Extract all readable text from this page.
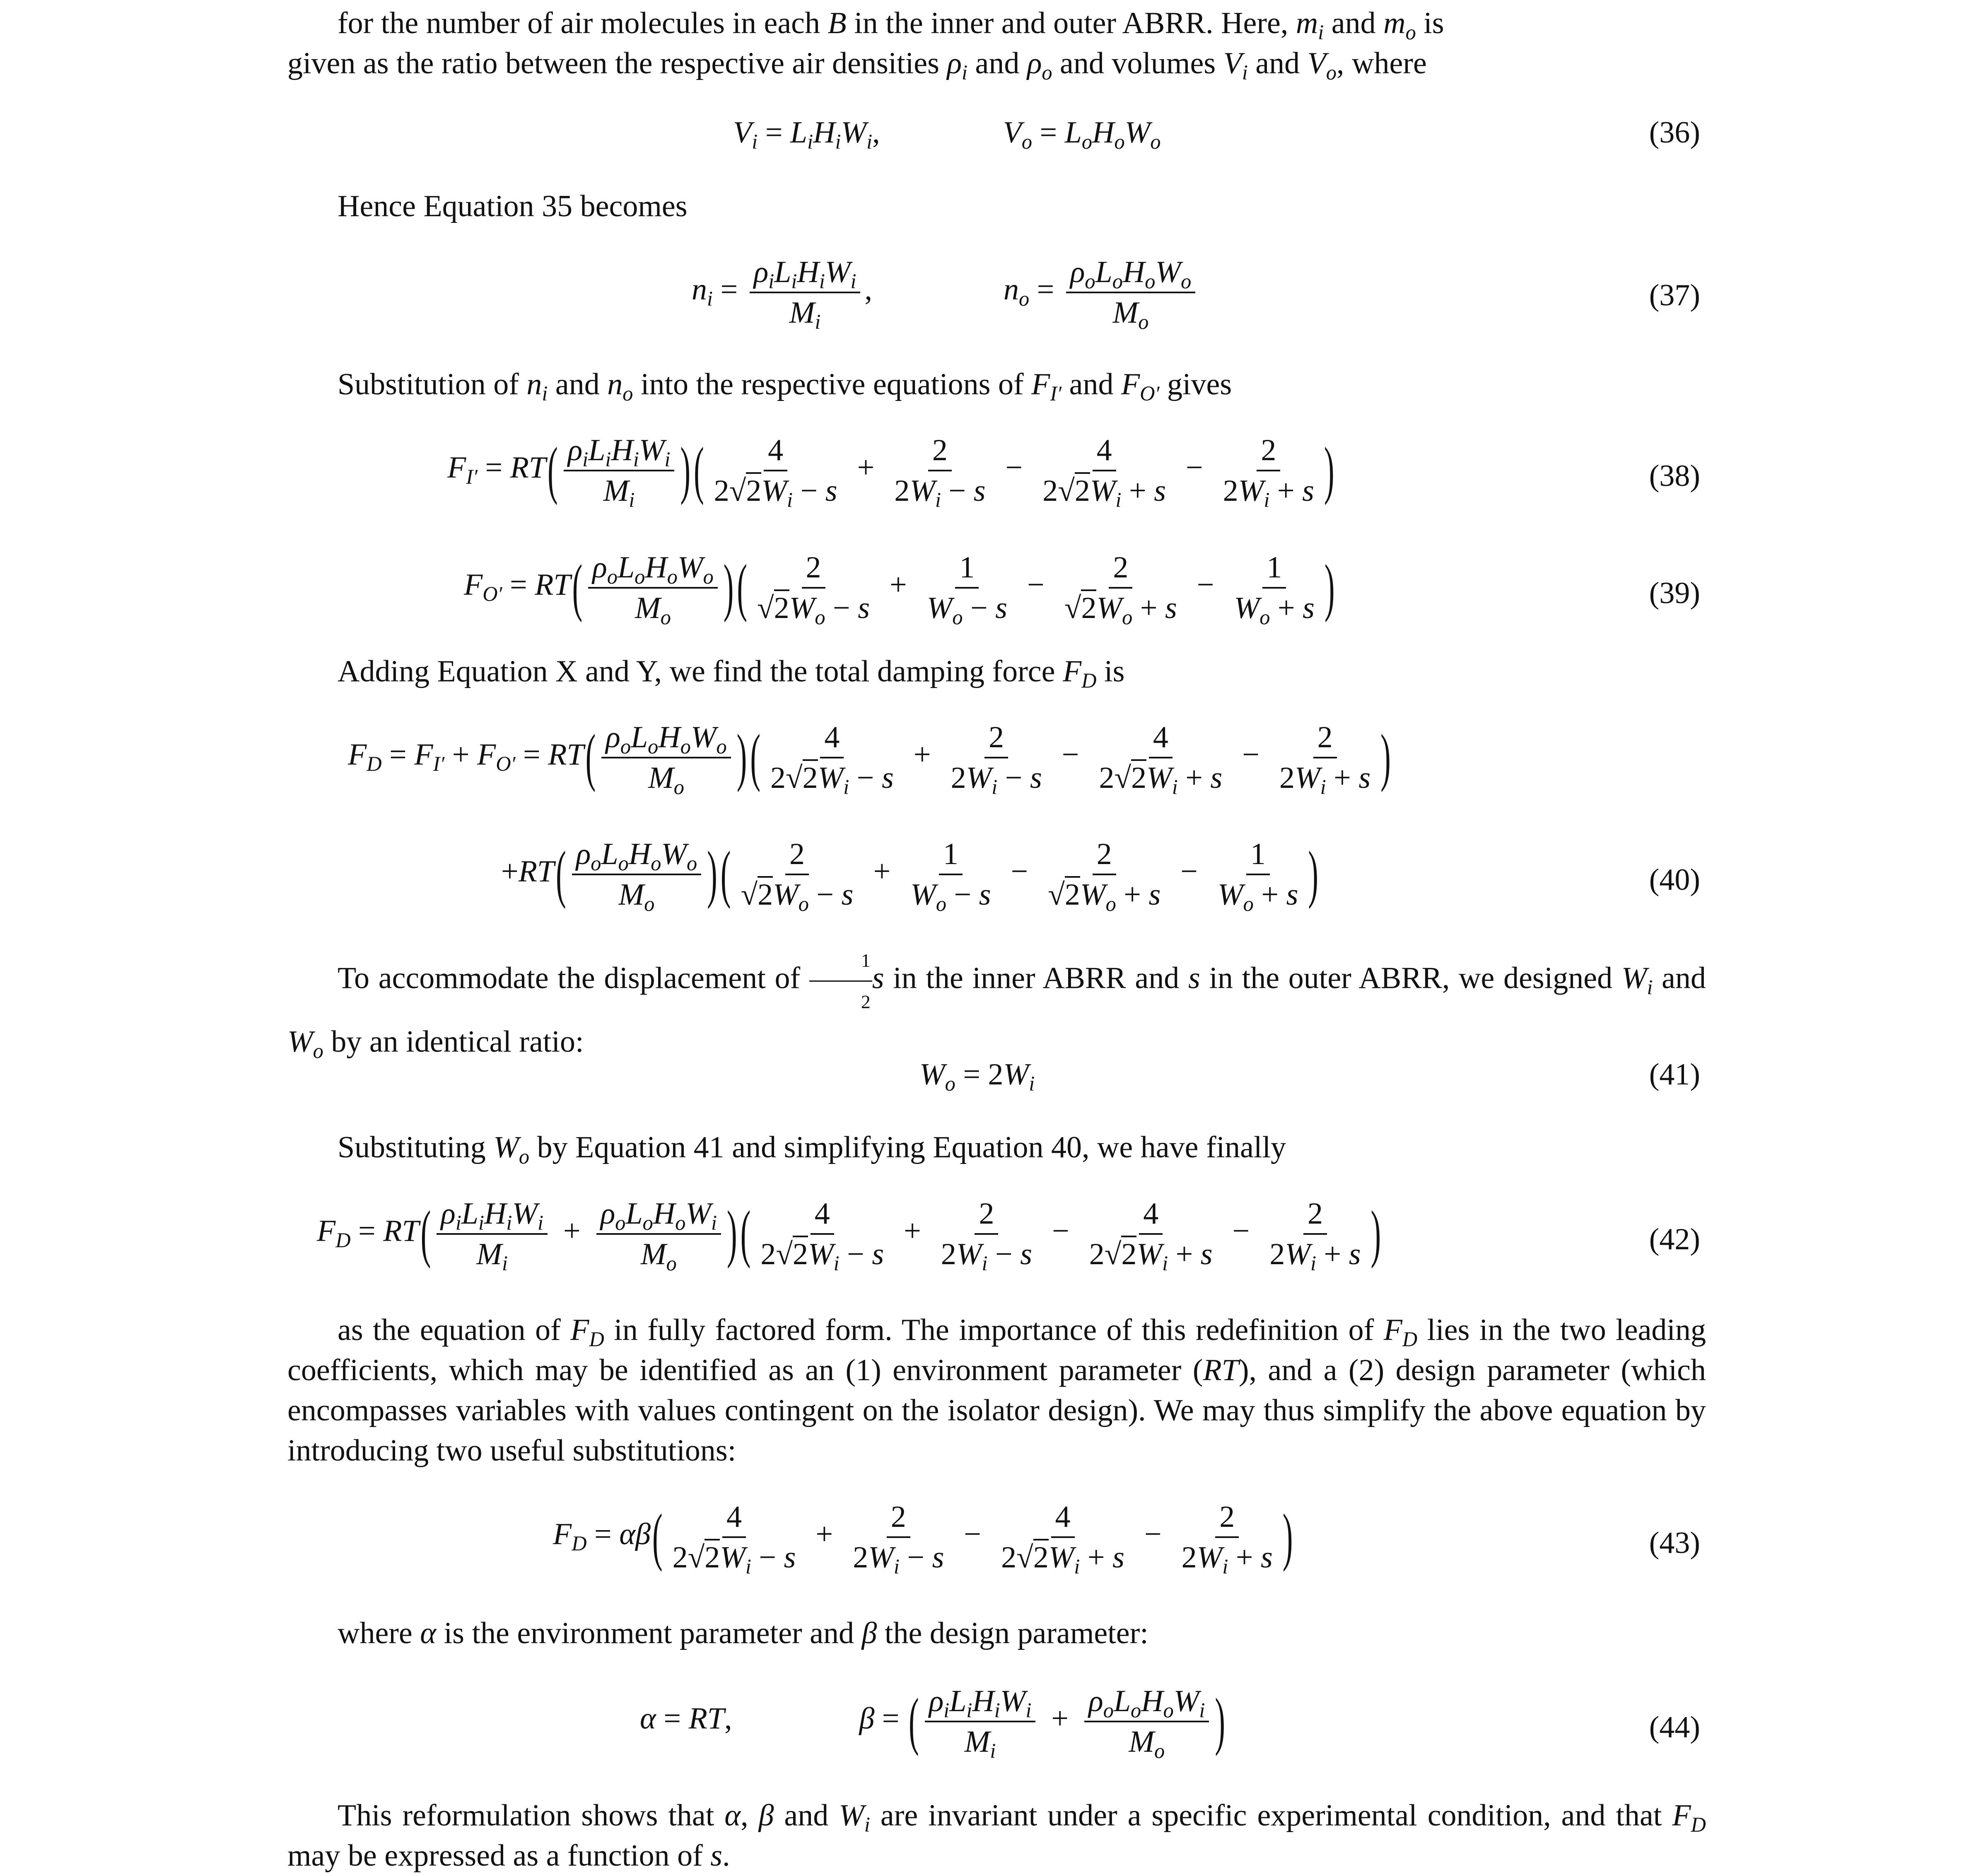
for the number of air molecules in each B in the inner and outer ABRR. Here, $m_i$ and $m_o$ is
given as the ratio between the respective air densities $\rho_i$ and $\rho_o$ and volumes $V_i$ and $V_o$, where
$V_i = L_iH_iW_i$,	$V_o = L_oH_oW_o$	(36)
Hence Equation 35 becomes
$n_i = \frac{\rho_iL_iH_iW_i}{M_i}$ ,	$n_o = \frac{\rho_oL_oH_oW_o}{M_o}$	(37)
Substitution of $n_i$ and $n_o$ into the respective equations of $F_{I'}$ and $F_{O'}$ gives
$F_{I'} = RT( \frac{\rho_iL_iH_iW_i}{M_i}$ ) ( $\frac{4}{2√2W_i - s} + \frac{2}{2W_i - s} - \frac{4}{2√2W_i + s} - \frac{2}{2W_i + s}$ )	(38)
$F_{O'} = RT( \frac{\rho_oL_oH_oW_o}{M_o}$ ) ( $\frac{2}{√2W_o - s} + \frac{1}{W_o - s} - \frac{2}{√2W_o + s} - \frac{1}{W_o + s}$ )	(39)
Adding Equation X and Y, we find the total damping force $F_D$ is
$F_D = F_{I'} + F_{O'} = RT( \frac{\rho_oL_oH_oW_o}{M_o}$ ) ( $\frac{4}{2√2W_i - s} + \frac{2}{2W_i - s} - \frac{4}{2√2W_i + s} - \frac{2}{2W_i + s}$ )
$+RT( \frac{\rho_oL_oH_oW_o}{M_o}$ ) ( $\frac{2}{√2W_o - s} + \frac{1}{W_o - s} - \frac{2}{√2W_o + s} - \frac{1}{W_o + s}$ )	(40)
To accommodate the displacement of $\frac{1}{2}$ s in the inner ABRR and s in the outer ABRR, we designed $W_i$ and $W_o$ by an identical ratio:
$W_o = 2W_i$	(41)
Substituting $W_o$ by Equation 41 and simplifying Equation 40, we have finally
$F_D = RT( \frac{\rho_iL_iH_iW_i}{M_i} + \frac{\rho_oL_oH_oW_i}{M_o}$ ) ( $\frac{4}{2√2W_i - s} + \frac{2}{2W_i - s} - \frac{4}{2√2W_i + s} - \frac{2}{2W_i + s}$ )	(42)
as the equation of $F_D$ in fully factored form. The importance of this redefinition of $F_D$ lies in the two leading coefficients, which may be identified as an (1) environment parameter (RT), and a (2) design parameter (which encompasses variables with values contingent on the isolator design). We may thus simplify the above equation by introducing two useful substitutions:
$F_D = \alpha\beta( \frac{4}{2√2W_i - s} + \frac{2}{2W_i - s} - \frac{4}{2√2W_i + s} - \frac{2}{2W_i + s}$ )	(43)
where α is the environment parameter and β the design parameter:
α = RT,	β = ( $\frac{\rho_iL_iH_iW_i}{M_i} + \frac{\rho_oL_oH_oW_i}{M_o}$ )	(44)
This reformulation shows that α, β and $W_i$ are invariant under a specific experimental condition, and that $F_D$ may be expressed as a function of s.
